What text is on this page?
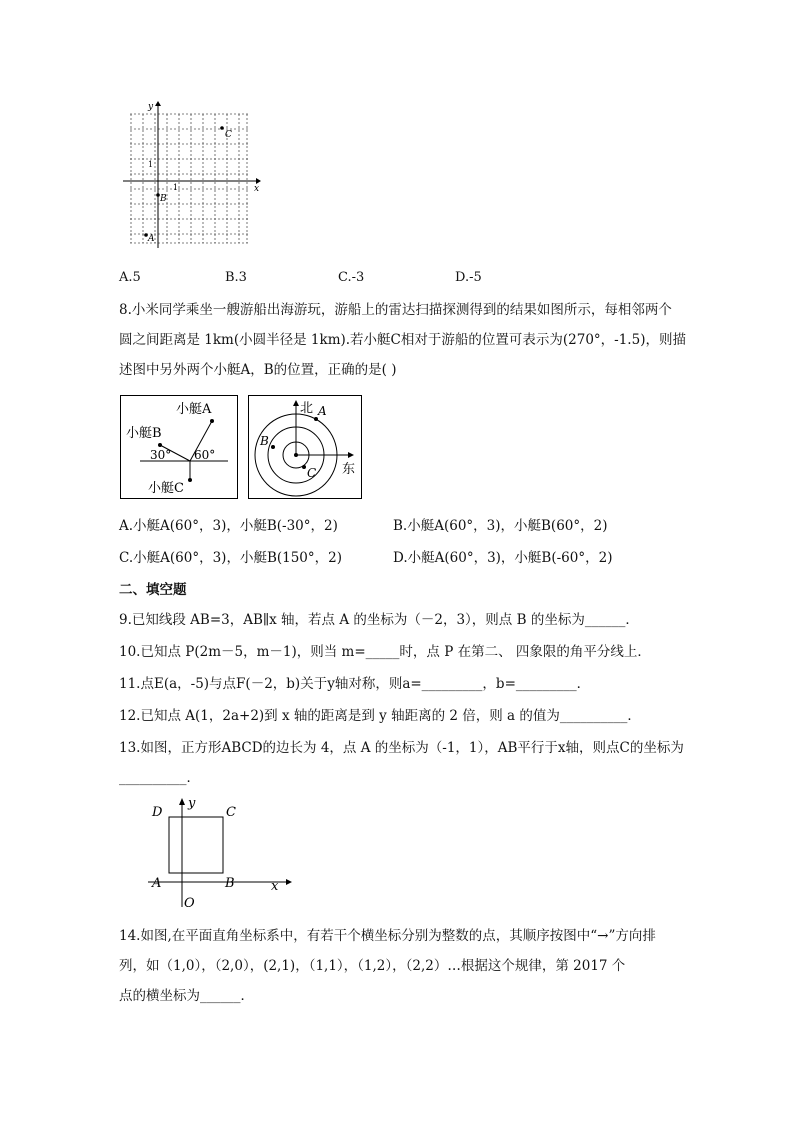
y
x
C
B
A
1
1
A.5	B.3	C.-3	D.-5
8.小米同学乘坐一艘游船出海游玩，游船上的雷达扫描探测得到的结果如图所示，每相邻两个
圆之间距离是 1km(小圆半径是 1km).若小艇C相对于游船的位置可表示为(270°，-1.5)，则描
述图中另外两个小艇A，B的位置，正确的是( )
小艇A
小艇B
小艇C
30° 60°
北
东
A
B
C
A.小艇A(60°，3)，小艇B(-30°，2)	B.小艇A(60°，3)，小艇B(60°，2)
C.小艇A(60°，3)，小艇B(150°，2)	D.小艇A(60°，3)，小艇B(-60°，2)
二、填空题
9.已知线段 AB=3，AB∥x 轴，若点 A 的坐标为（－2，3），则点 B 的坐标为______．
10.已知点 P(2m－5，m－1)，则当 m=_____时，点 P 在第二、 四象限的角平分线上．
11.点E(a，-5)与点F(－2，b)关于y轴对称，则a=_________，b=_________．
12.已知点 A(1，2a+2)到 x 轴的距离是到 y 轴距离的 2 倍，则 a 的值为__________．
13.如图，正方形ABCD的边长为 4，点 A 的坐标为（-1，1），AB平行于x轴，则点C的坐标为
__________．
D	C
A	B
O
x
y
14.如图,在平面直角坐标系中，有若干个横坐标分别为整数的点，其顺序按图中“→”方向排
列，如（1,0），（2,0），(2,1)，（1,1），（1,2），（2,2）…根据这个规律，第 2017 个
点的横坐标为______．
